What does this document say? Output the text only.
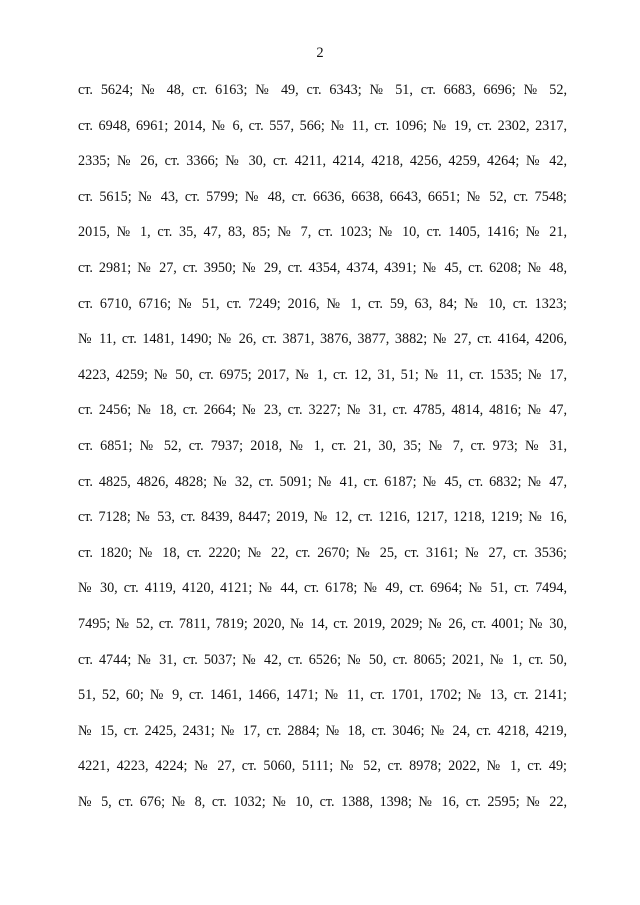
2
ст. 5624; № 48, ст. 6163; № 49, ст. 6343; № 51, ст. 6683, 6696; № 52,
ст. 6948, 6961; 2014, № 6, ст. 557, 566; № 11, ст. 1096; № 19, ст. 2302, 2317,
2335; № 26, ст. 3366; № 30, ст. 4211, 4214, 4218, 4256, 4259, 4264; № 42,
ст. 5615; № 43, ст. 5799; № 48, ст. 6636, 6638, 6643, 6651; № 52, ст. 7548;
2015, № 1, ст. 35, 47, 83, 85; № 7, ст. 1023; № 10, ст. 1405, 1416; № 21,
ст. 2981; № 27, ст. 3950; № 29, ст. 4354, 4374, 4391; № 45, ст. 6208; № 48,
ст. 6710, 6716; № 51, ст. 7249; 2016, № 1, ст. 59, 63, 84; № 10, ст. 1323;
№ 11, ст. 1481, 1490; № 26, ст. 3871, 3876, 3877, 3882; № 27, ст. 4164, 4206,
4223, 4259; № 50, ст. 6975; 2017, № 1, ст. 12, 31, 51; № 11, ст. 1535; № 17,
ст. 2456; № 18, ст. 2664; № 23, ст. 3227; № 31, ст. 4785, 4814, 4816; № 47,
ст. 6851; № 52, ст. 7937; 2018, № 1, ст. 21, 30, 35; № 7, ст. 973; № 31,
ст. 4825, 4826, 4828; № 32, ст. 5091; № 41, ст. 6187; № 45, ст. 6832; № 47,
ст. 7128; № 53, ст. 8439, 8447; 2019, № 12, ст. 1216, 1217, 1218, 1219; № 16,
ст. 1820; № 18, ст. 2220; № 22, ст. 2670; № 25, ст. 3161; № 27, ст. 3536;
№ 30, ст. 4119, 4120, 4121; № 44, ст. 6178; № 49, ст. 6964; № 51, ст. 7494,
7495; № 52, ст. 7811, 7819; 2020, № 14, ст. 2019, 2029; № 26, ст. 4001; № 30,
ст. 4744; № 31, ст. 5037; № 42, ст. 6526; № 50, ст. 8065; 2021, № 1, ст. 50,
51, 52, 60; № 9, ст. 1461, 1466, 1471; № 11, ст. 1701, 1702; № 13, ст. 2141;
№ 15, ст. 2425, 2431; № 17, ст. 2884; № 18, ст. 3046; № 24, ст. 4218, 4219,
4221, 4223, 4224; № 27, ст. 5060, 5111; № 52, ст. 8978; 2022, № 1, ст. 49;
№ 5, ст. 676; № 8, ст. 1032; № 10, ст. 1388, 1398; № 16, ст. 2595; № 22,
